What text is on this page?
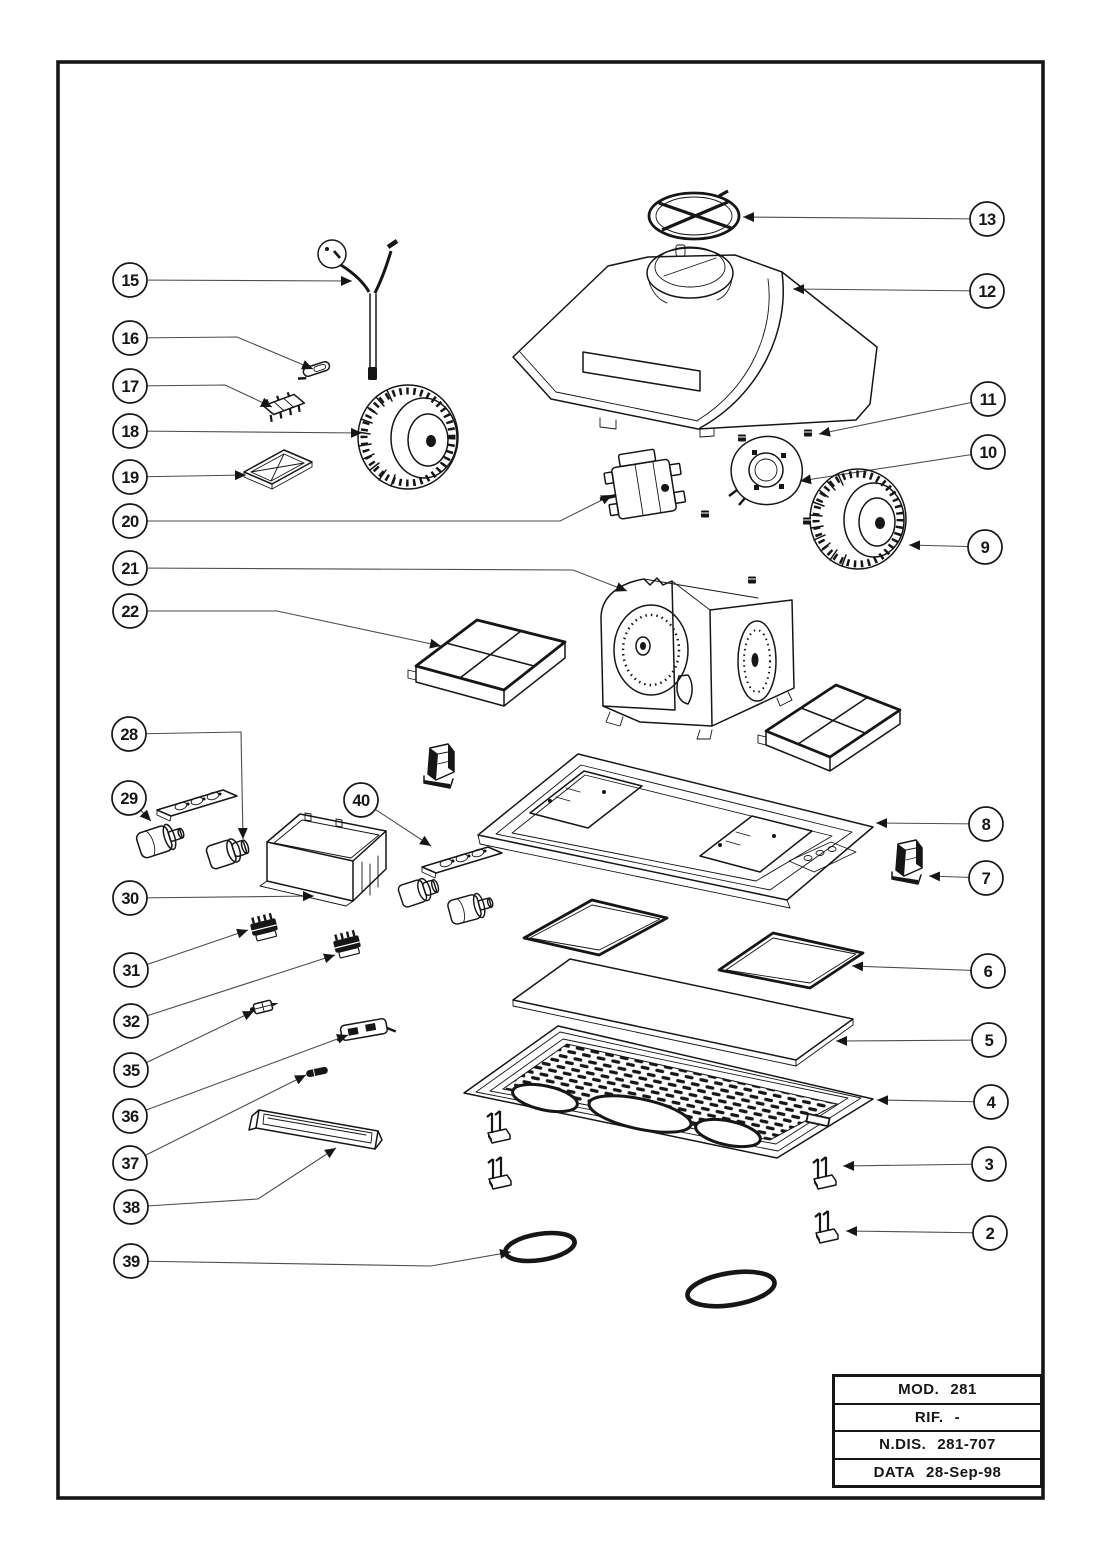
15
16
17
18
19
20
21
22
28
29
30
31
32
35
36
37
38
39
40
13
12
11
10
9
8
7
6
5
4
3
2
MOD. 281
RIF. -
N.DIS. 281-707
DATA 28-Sep-98
